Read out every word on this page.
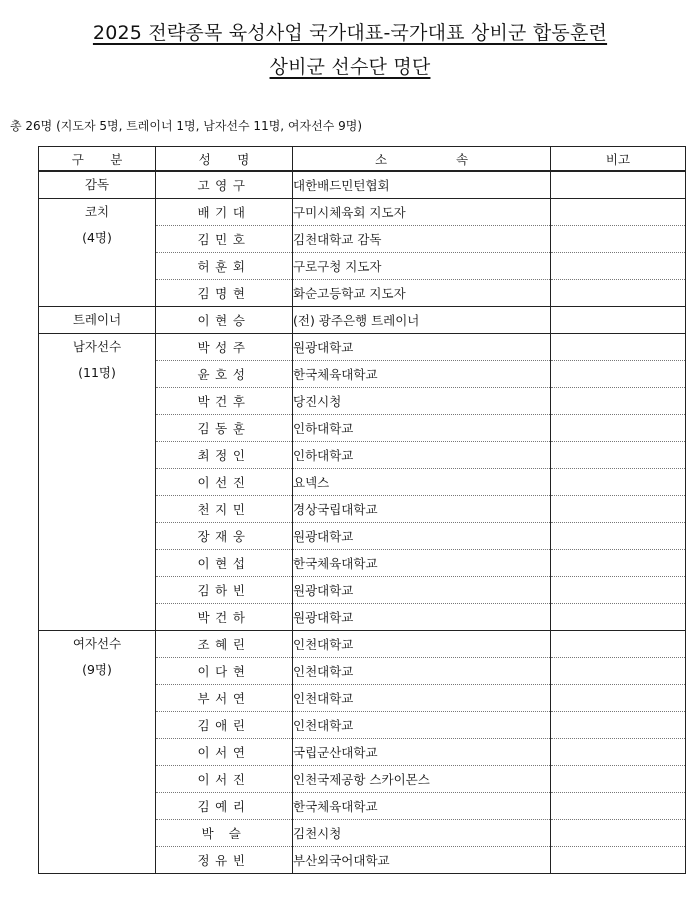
2025 전략종목 육성사업 국가대표-국가대표 상비군 합동훈련
상비군 선수단 명단
총 26명 (지도자 5명, 트레이너 1명, 남자선수 11명, 여자선수 9명)
구 분	성 명	소 속	비고
감독	고영구	대한배드민턴협회	
코치
(4명)	배기대	구미시체육회 지도자	
	김민호	김천대학교 감독	
	허훈회	구로구청 지도자	
	김명현	화순고등학교 지도자	
트레이너	이현승	(전) 광주은행 트레이너	
남자선수
(11명)	박성주	원광대학교	
	윤호성	한국체육대학교	
	박건후	당진시청	
	김동훈	인하대학교	
	최정인	인하대학교	
	이선진	요넥스	
	천지민	경상국립대학교	
	장재웅	원광대학교	
	이현섭	한국체육대학교	
	김하빈	원광대학교	
	박건하	원광대학교	
여자선수
(9명)	조혜린	인천대학교	
	이다현	인천대학교	
	부서연	인천대학교	
	김애린	인천대학교	
	이서연	국립군산대학교	
	이서진	인천국제공항 스카이몬스	
	김예리	한국체육대학교	
	박 슬	김천시청	
	정유빈	부산외국어대학교	
